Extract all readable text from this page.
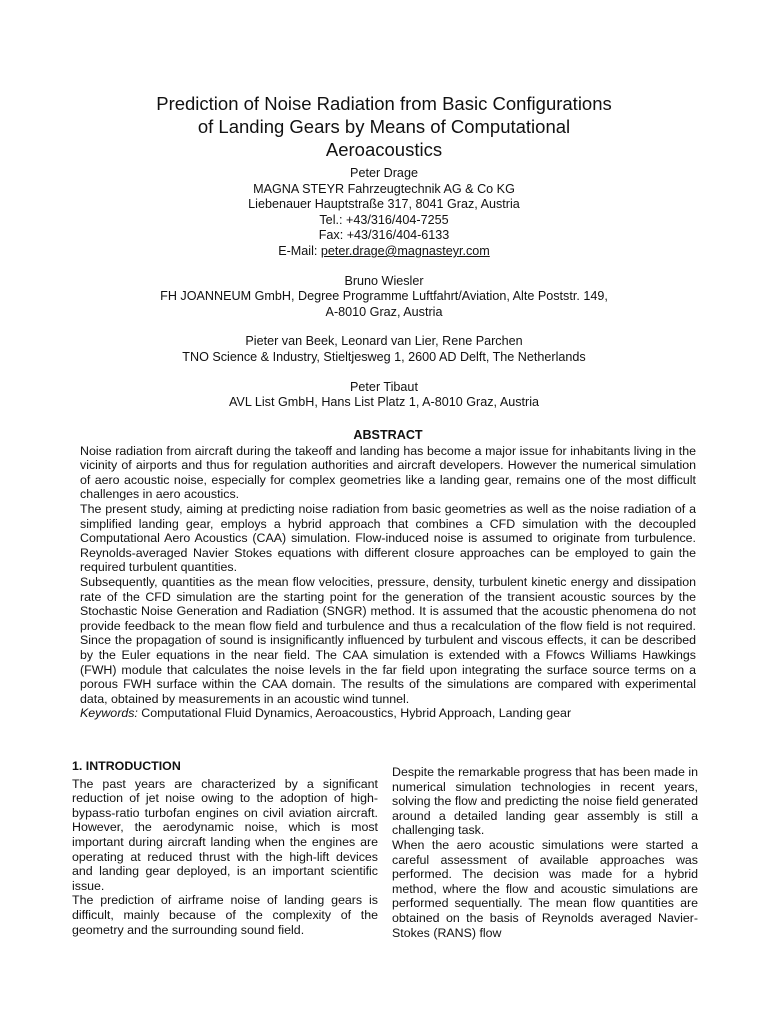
Prediction of Noise Radiation from Basic Configurations
of Landing Gears by Means of Computational
Aeroacoustics
Peter Drage
MAGNA STEYR Fahrzeugtechnik AG & Co KG
Liebenauer Hauptstraße 317, 8041 Graz, Austria
Tel.: +43/316/404-7255
Fax: +43/316/404-6133
E-Mail: peter.drage@magnasteyr.com
Bruno Wiesler
FH JOANNEUM GmbH, Degree Programme Luftfahrt/Aviation, Alte Poststr. 149,
A-8010 Graz, Austria
Pieter van Beek, Leonard van Lier, Rene Parchen
TNO Science & Industry, Stieltjesweg 1, 2600 AD Delft, The Netherlands
Peter Tibaut
AVL List GmbH, Hans List Platz 1, A-8010 Graz, Austria
ABSTRACT

Noise radiation from aircraft during the takeoff and landing has become a major issue for inhabitants living in the vicinity of airports and thus for regulation authorities and aircraft developers. However the numerical simulation of aero acoustic noise, especially for complex geometries like a landing gear, remains one of the most difficult challenges in aero acoustics.

The present study, aiming at predicting noise radiation from basic geometries as well as the noise radiation of a simplified landing gear, employs a hybrid approach that combines a CFD simulation with the decoupled Computational Aero Acoustics (CAA) simulation. Flow-induced noise is assumed to originate from turbulence. Reynolds-averaged Navier Stokes equations with different closure approaches can be employed to gain the required turbulent quantities.

Subsequently, quantities as the mean flow velocities, pressure, density, turbulent kinetic energy and dissipation rate of the CFD simulation are the starting point for the generation of the transient acoustic sources by the Stochastic Noise Generation and Radiation (SNGR) method. It is assumed that the acoustic phenomena do not provide feedback to the mean flow field and turbulence and thus a recalculation of the flow field is not required. Since the propagation of sound is insignificantly influenced by turbulent and viscous effects, it can be described by the Euler equations in the near field. The CAA simulation is extended with a Ffowcs Williams Hawkings (FWH) module that calculates the noise levels in the far field upon integrating the surface source terms on a porous FWH surface within the CAA domain. The results of the simulations are compared with experimental data, obtained by measurements in an acoustic wind tunnel.

Keywords: Computational Fluid Dynamics, Aeroacoustics, Hybrid Approach, Landing gear

1. INTRODUCTION

The past years are characterized by a significant reduction of jet noise owing to the adoption of high-bypass-ratio turbofan engines on civil aviation aircraft. However, the aerodynamic noise, which is most important during aircraft landing when the engines are operating at reduced thrust with the high-lift devices and landing gear deployed, is an important scientific issue.

The prediction of airframe noise of landing gears is difficult, mainly because of the complexity of the geometry and the surrounding sound field.

Despite the remarkable progress that has been made in numerical simulation technologies in recent years, solving the flow and predicting the noise field generated around a detailed landing gear assembly is still a challenging task.

When the aero acoustic simulations were started a careful assessment of available approaches was performed. The decision was made for a hybrid method, where the flow and acoustic simulations are performed sequentially. The mean flow quantities are obtained on the basis of Reynolds averaged Navier-Stokes (RANS) flow
